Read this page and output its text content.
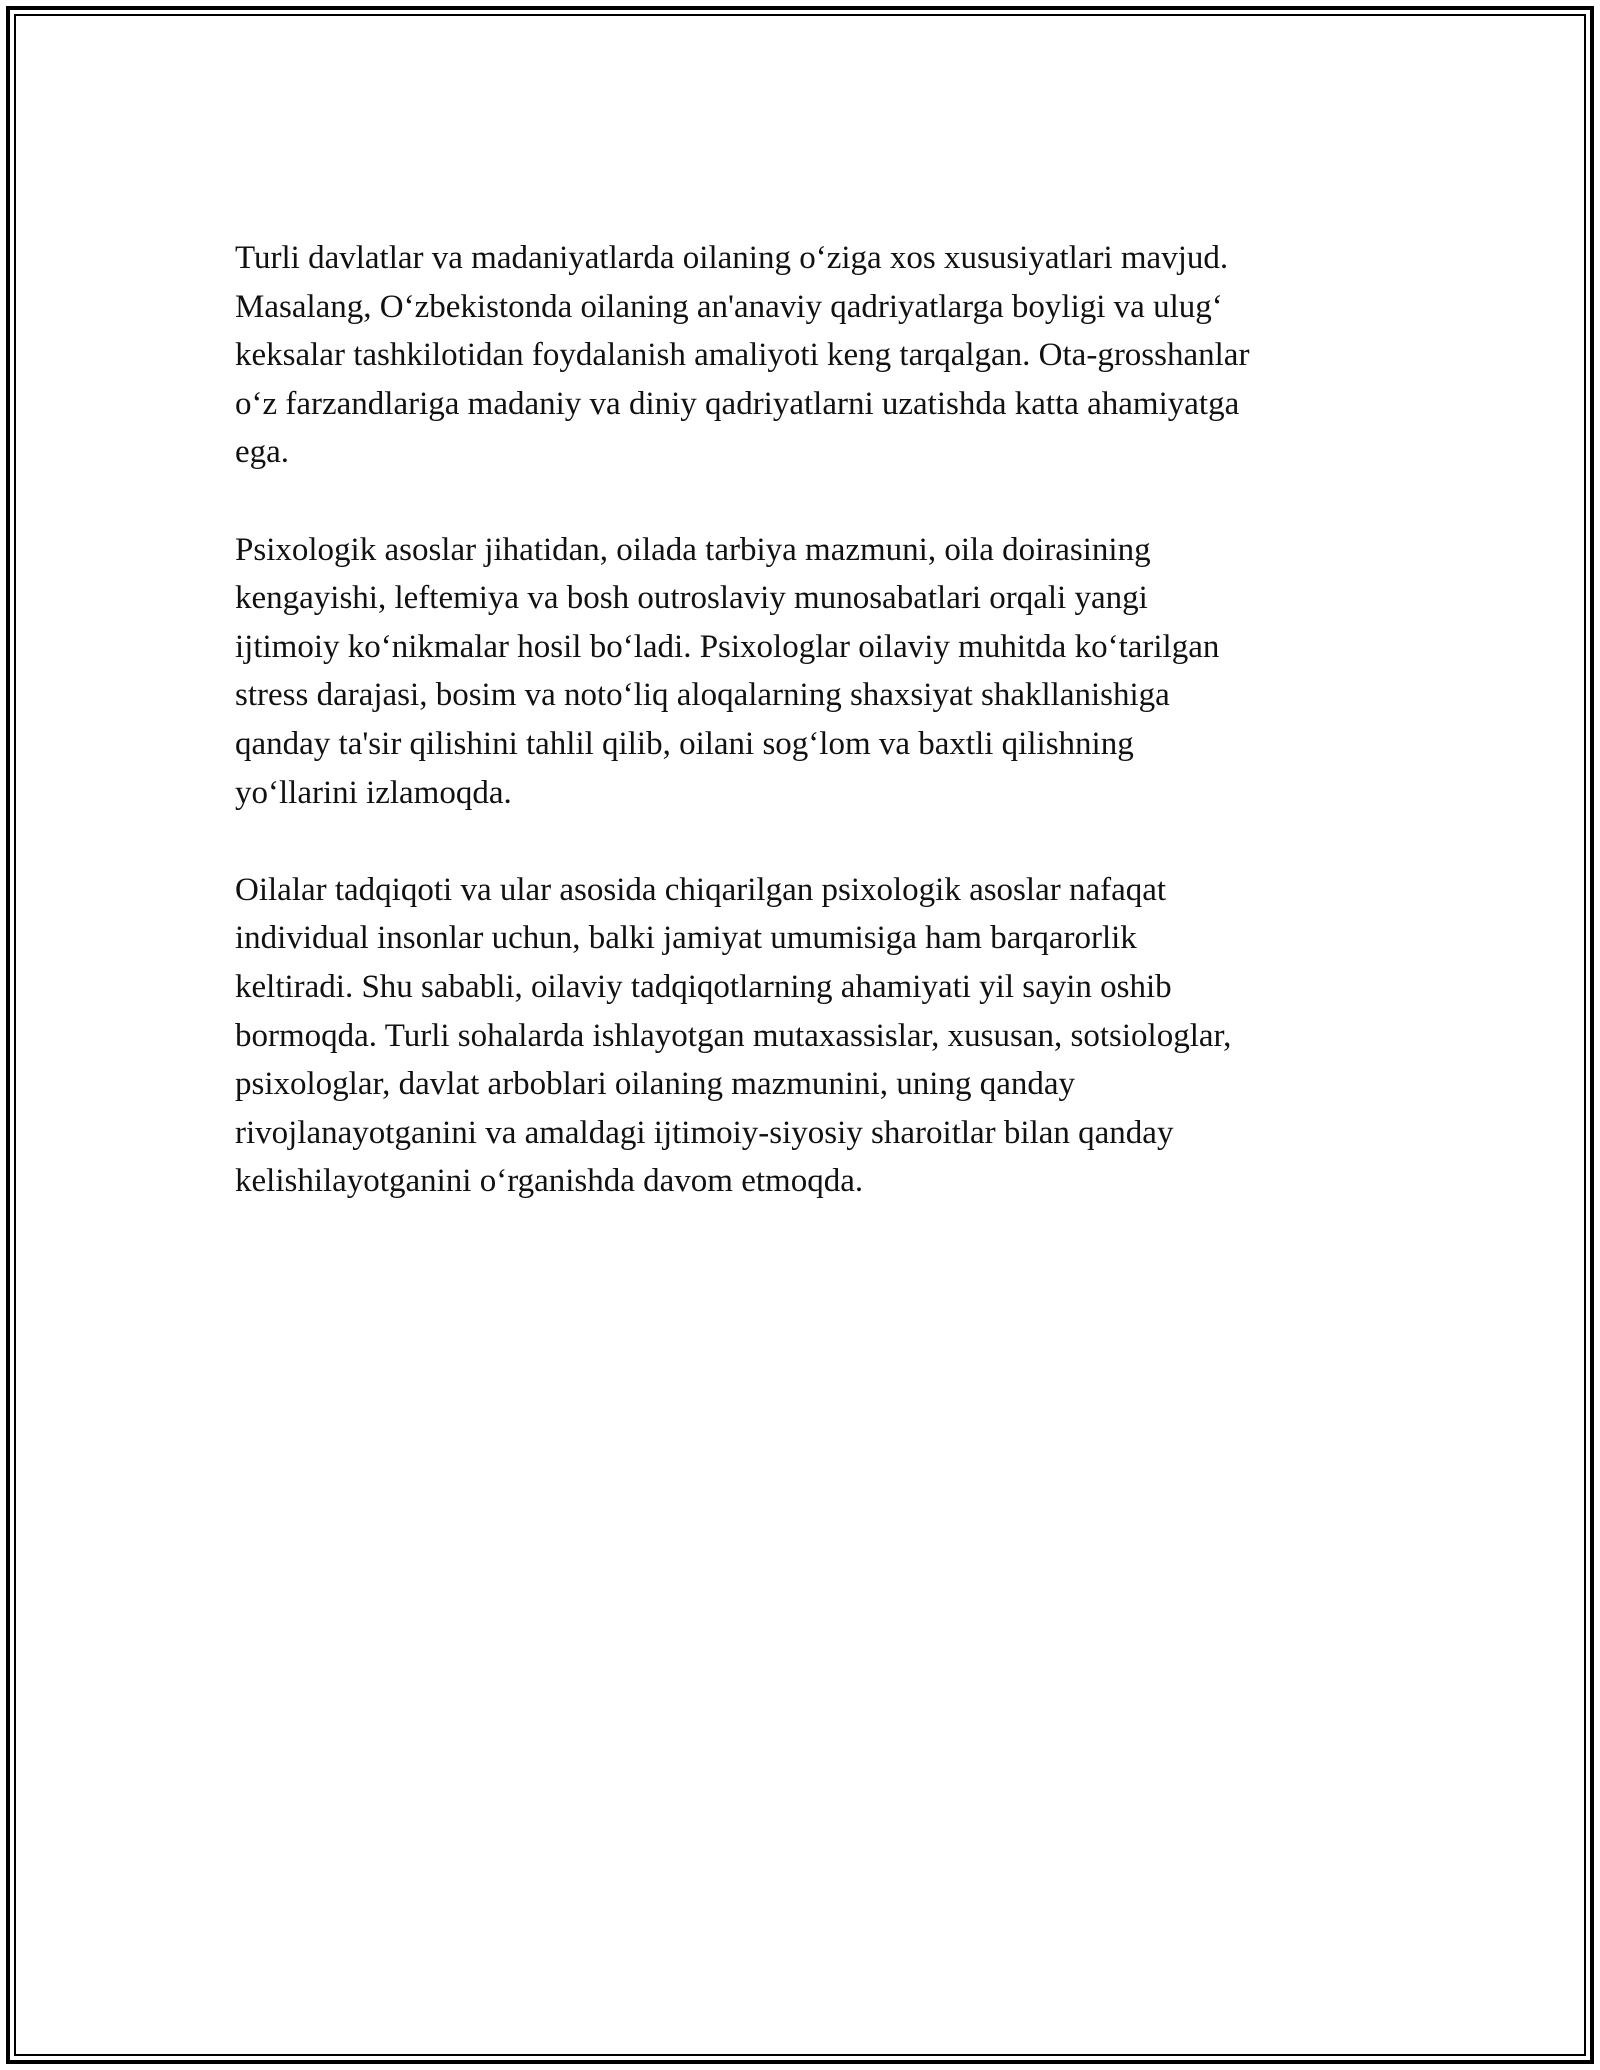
Turli davlatlar va madaniyatlarda oilaning o‘ziga xos xususiyatlari mavjud.
Masalang, O‘zbekistonda oilaning an'anaviy qadriyatlarga boyligi va ulug‘
keksalar tashkilotidan foydalanish amaliyoti keng tarqalgan. Ota-grosshanlar
o‘z farzandlariga madaniy va diniy qadriyatlarni uzatishda katta ahamiyatga
ega.

Psixologik asoslar jihatidan, oilada tarbiya mazmuni, oila doirasining
kengayishi, leftemiya va bosh outroslaviy munosabatlari orqali yangi
ijtimoiy ko‘nikmalar hosil bo‘ladi. Psixologlar oilaviy muhitda ko‘tarilgan
stress darajasi, bosim va noto‘liq aloqalarning shaxsiyat shakllanishiga
qanday ta'sir qilishini tahlil qilib, oilani sog‘lom va baxtli qilishning
yo‘llarini izlamoqda.

Oilalar tadqiqoti va ular asosida chiqarilgan psixologik asoslar nafaqat
individual insonlar uchun, balki jamiyat umumisiga ham barqarorlik
keltiradi. Shu sababli, oilaviy tadqiqotlarning ahamiyati yil sayin oshib
bormoqda. Turli sohalarda ishlayotgan mutaxassislar, xususan, sotsiologlar,
psixologlar, davlat arboblari oilaning mazmunini, uning qanday
rivojlanayotganini va amaldagi ijtimoiy-siyosiy sharoitlar bilan qanday
kelishilayotganini o‘rganishda davom etmoqda.
